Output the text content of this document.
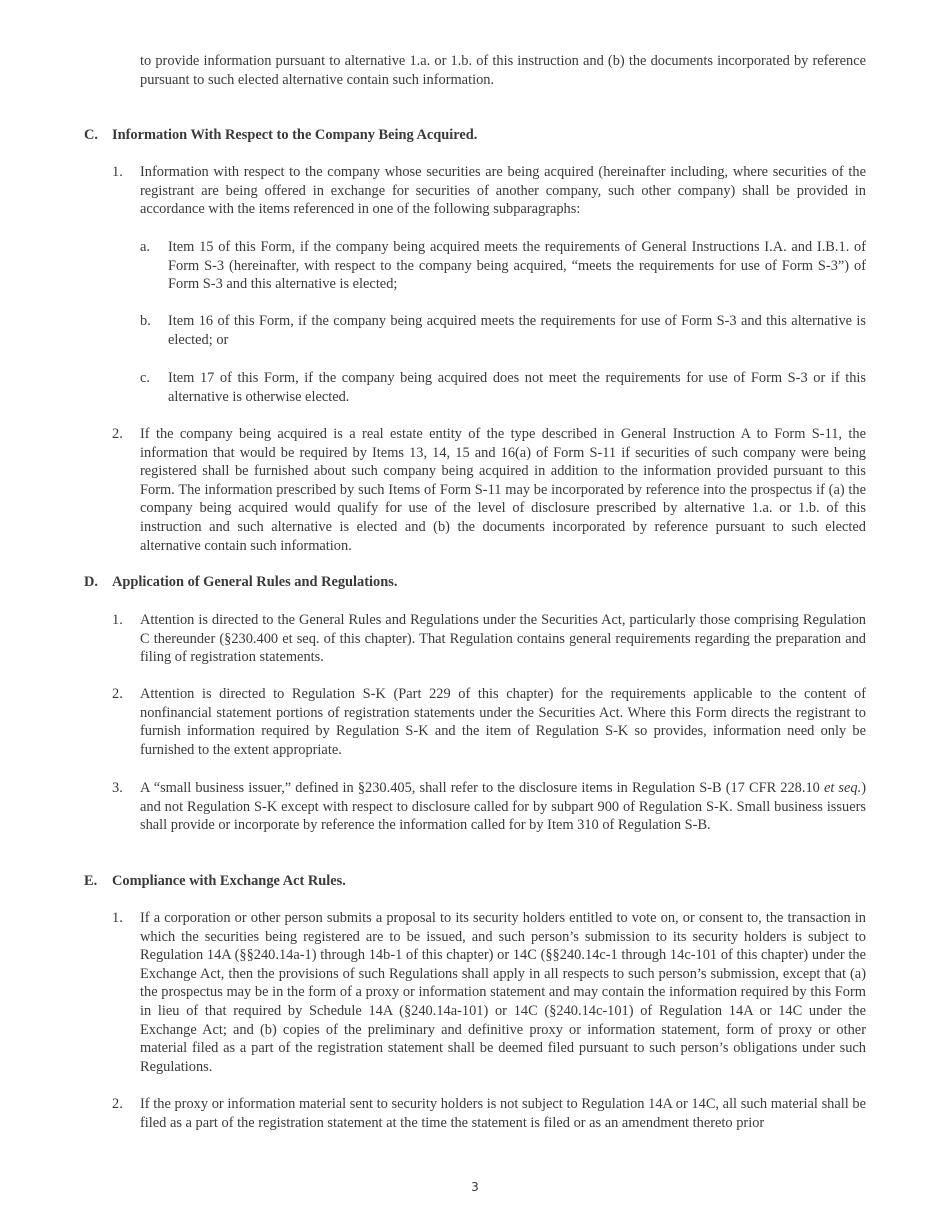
to provide information pursuant to alternative 1.a. or 1.b. of this instruction and (b) the documents incorporated by reference pursuant to such elected alternative contain such information.
C. Information With Respect to the Company Being Acquired.
1. Information with respect to the company whose securities are being acquired (hereinafter including, where securities of the registrant are being offered in exchange for securities of another company, such other company) shall be provided in accordance with the items referenced in one of the following subparagraphs:
a. Item 15 of this Form, if the company being acquired meets the requirements of General Instructions I.A. and I.B.1. of Form S-3 (hereinafter, with respect to the company being acquired, “meets the requirements for use of Form S-3”) of Form S-3 and this alternative is elected;
b. Item 16 of this Form, if the company being acquired meets the requirements for use of Form S-3 and this alternative is elected; or
c. Item 17 of this Form, if the company being acquired does not meet the requirements for use of Form S-3 or if this alternative is otherwise elected.
2. If the company being acquired is a real estate entity of the type described in General Instruction A to Form S-11, the information that would be required by Items 13, 14, 15 and 16(a) of Form S-11 if securities of such company were being registered shall be furnished about such company being acquired in addition to the information provided pursuant to this Form. The information prescribed by such Items of Form S-11 may be incorporated by reference into the prospectus if (a) the company being acquired would qualify for use of the level of disclosure prescribed by alternative 1.a. or 1.b. of this instruction and such alternative is elected and (b) the documents incorporated by reference pursuant to such elected alternative contain such information.
D. Application of General Rules and Regulations.
1. Attention is directed to the General Rules and Regulations under the Securities Act, particularly those comprising Regulation C thereunder (§230.400 et seq. of this chapter). That Regulation contains general requirements regarding the preparation and filing of registration statements.
2. Attention is directed to Regulation S-K (Part 229 of this chapter) for the requirements applicable to the content of nonfinancial statement portions of registration statements under the Securities Act. Where this Form directs the registrant to furnish information required by Regulation S-K and the item of Regulation S-K so provides, information need only be furnished to the extent appropriate.
3. A “small business issuer,” defined in §230.405, shall refer to the disclosure items in Regulation S-B (17 CFR 228.10 et seq.) and not Regulation S-K except with respect to disclosure called for by subpart 900 of Regulation S-K. Small business issuers shall provide or incorporate by reference the information called for by Item 310 of Regulation S-B.
E. Compliance with Exchange Act Rules.
1. If a corporation or other person submits a proposal to its security holders entitled to vote on, or consent to, the transaction in which the securities being registered are to be issued, and such person’s submission to its security holders is subject to Regulation 14A (§§240.14a-1) through 14b-1 of this chapter) or 14C (§§240.14c-1 through 14c-101 of this chapter) under the Exchange Act, then the provisions of such Regulations shall apply in all respects to such person’s submission, except that (a) the prospectus may be in the form of a proxy or information statement and may contain the information required by this Form in lieu of that required by Schedule 14A (§240.14a-101) or 14C (§240.14c-101) of Regulation 14A or 14C under the Exchange Act; and (b) copies of the preliminary and definitive proxy or information statement, form of proxy or other material filed as a part of the registration statement shall be deemed filed pursuant to such person’s obligations under such Regulations.
2. If the proxy or information material sent to security holders is not subject to Regulation 14A or 14C, all such material shall be filed as a part of the registration statement at the time the statement is filed or as an amendment thereto prior
3
